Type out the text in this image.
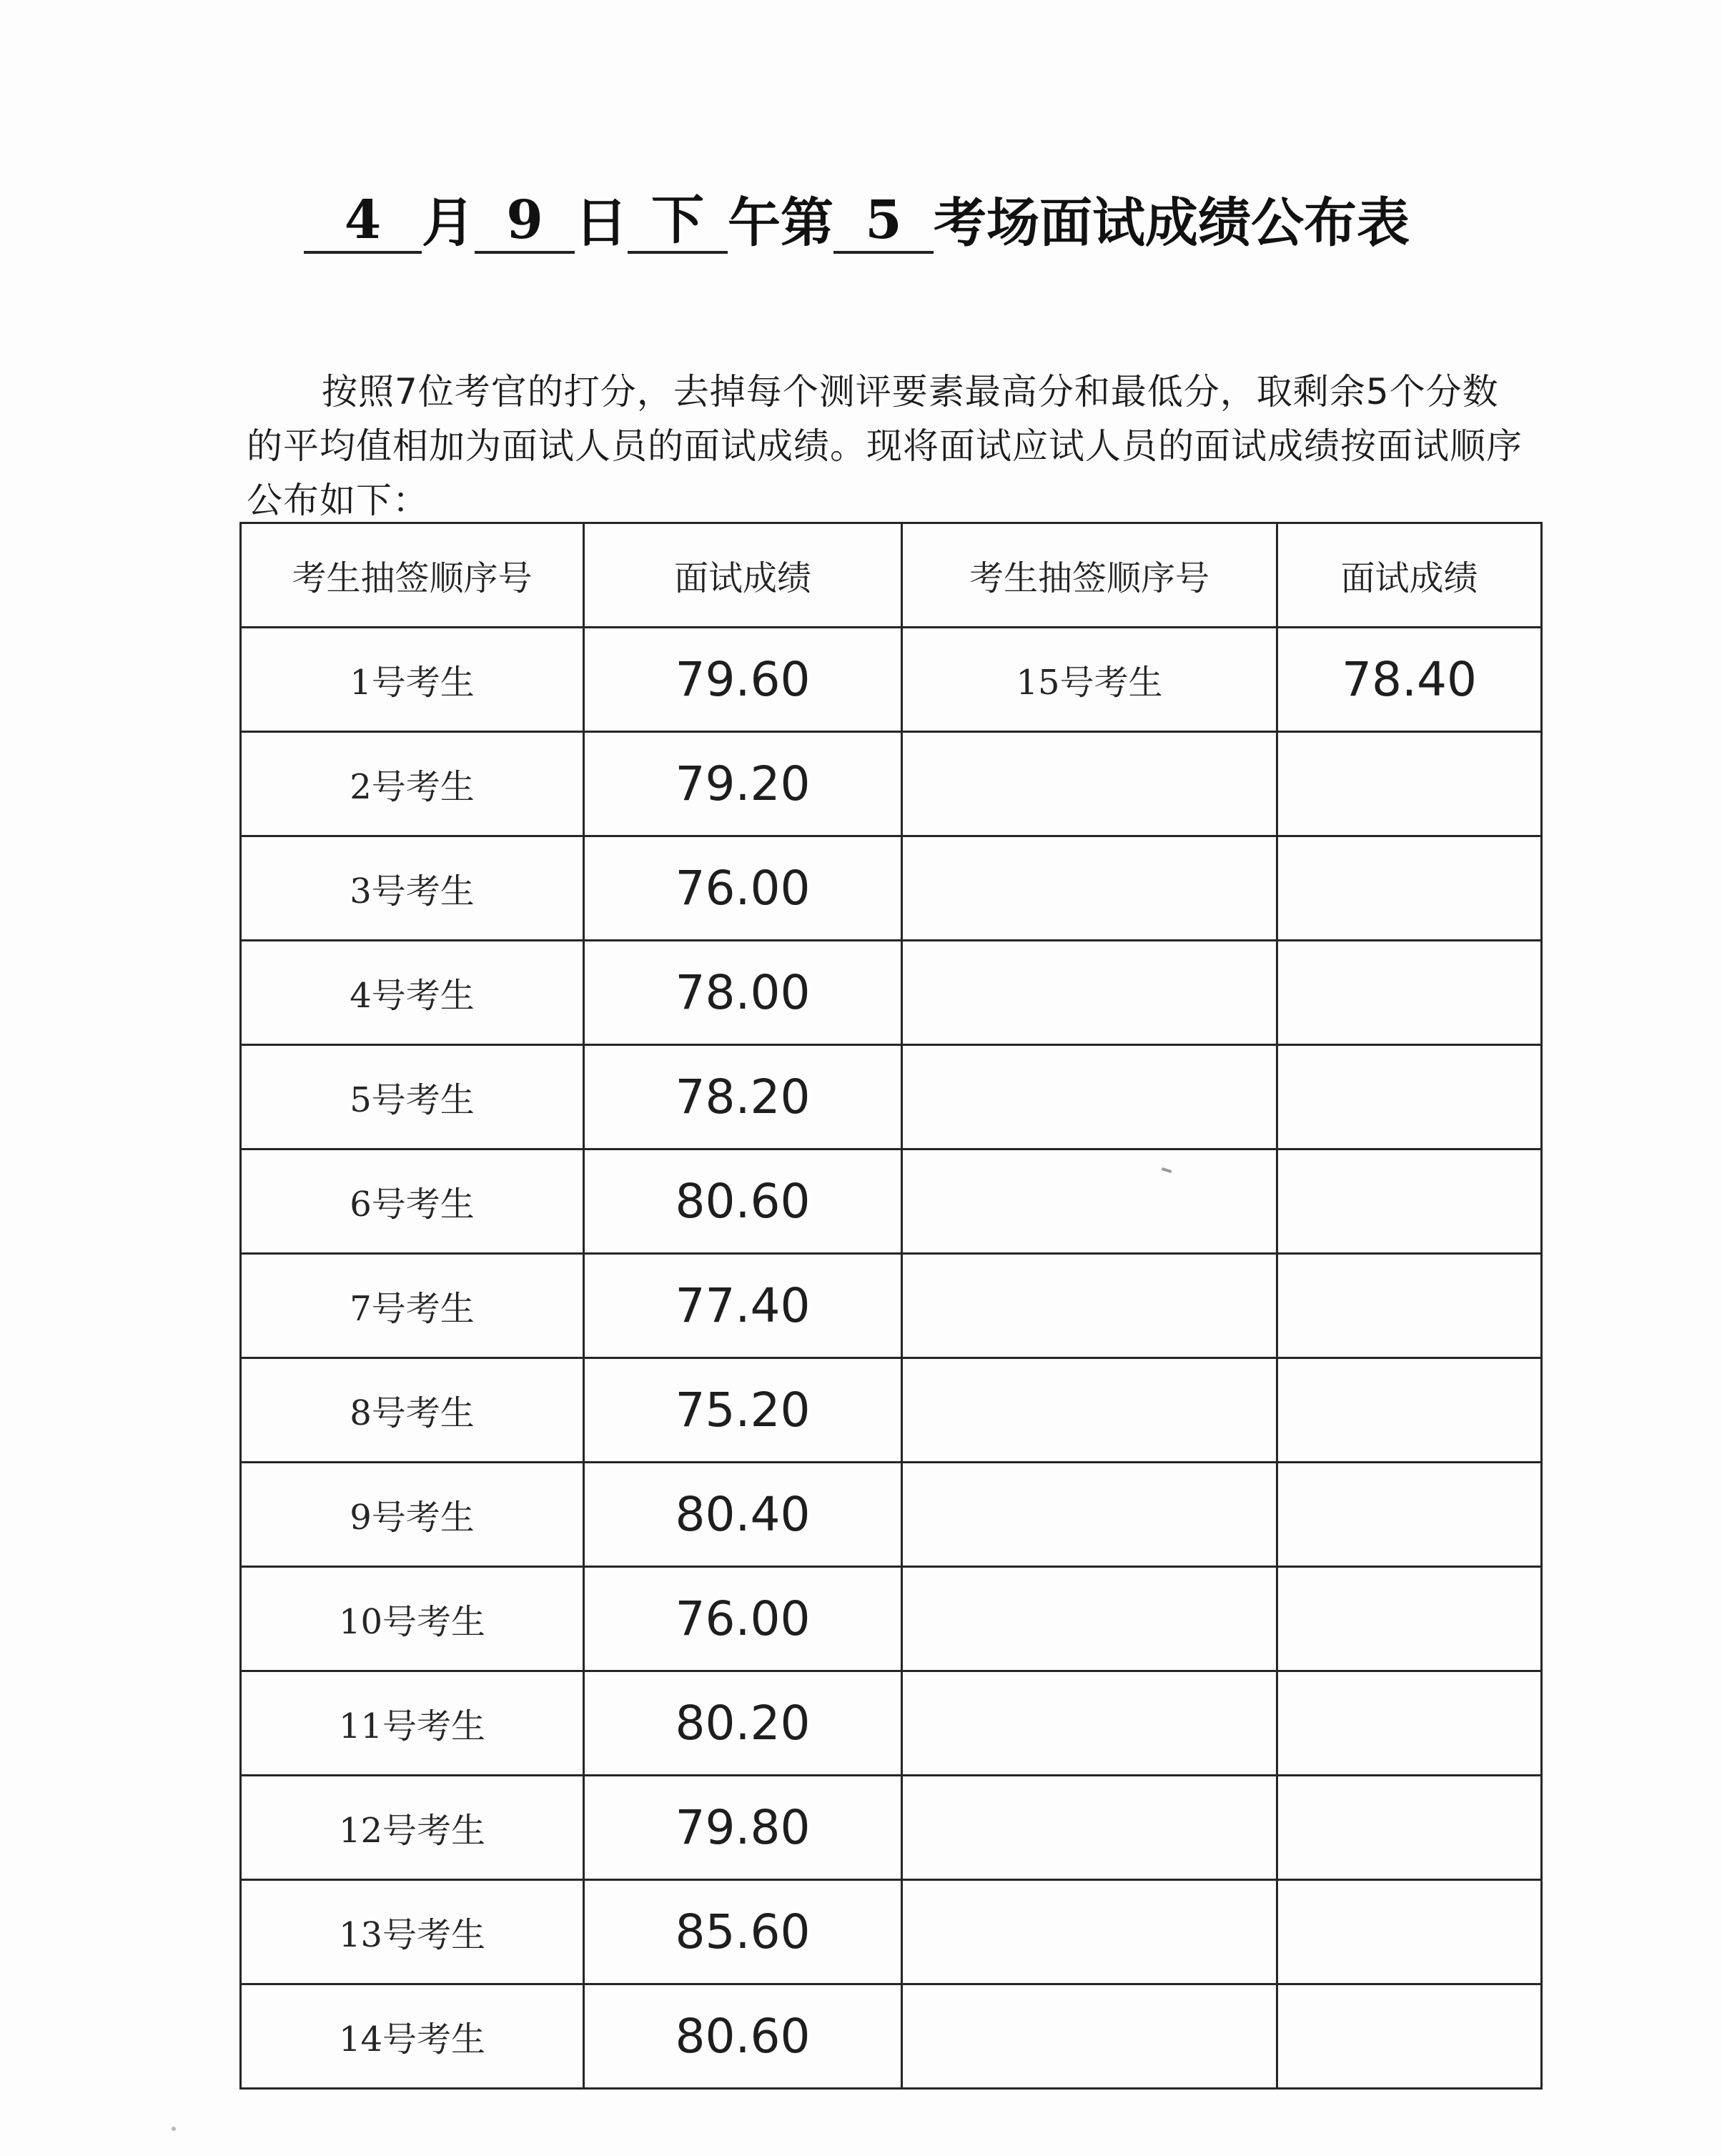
4 月 9 日 下 午第 5 考场面试成绩公布表

按照7位考官的打分，去掉每个测评要素最高分和最低分，取剩余5个分数的平均值相加为面试人员的面试成绩。现将面试应试人员的面试成绩按面试顺序公布如下：

考生抽签顺序号	面试成绩	考生抽签顺序号	面试成绩
1号考生	79.60	15号考生	78.40
2号考生	79.20		
3号考生	76.00		
4号考生	78.00		
5号考生	78.20		
6号考生	80.60		
7号考生	77.40		
8号考生	75.20		
9号考生	80.40		
10号考生	76.00		
11号考生	80.20		
12号考生	79.80		
13号考生	85.60		
14号考生	80.60		
